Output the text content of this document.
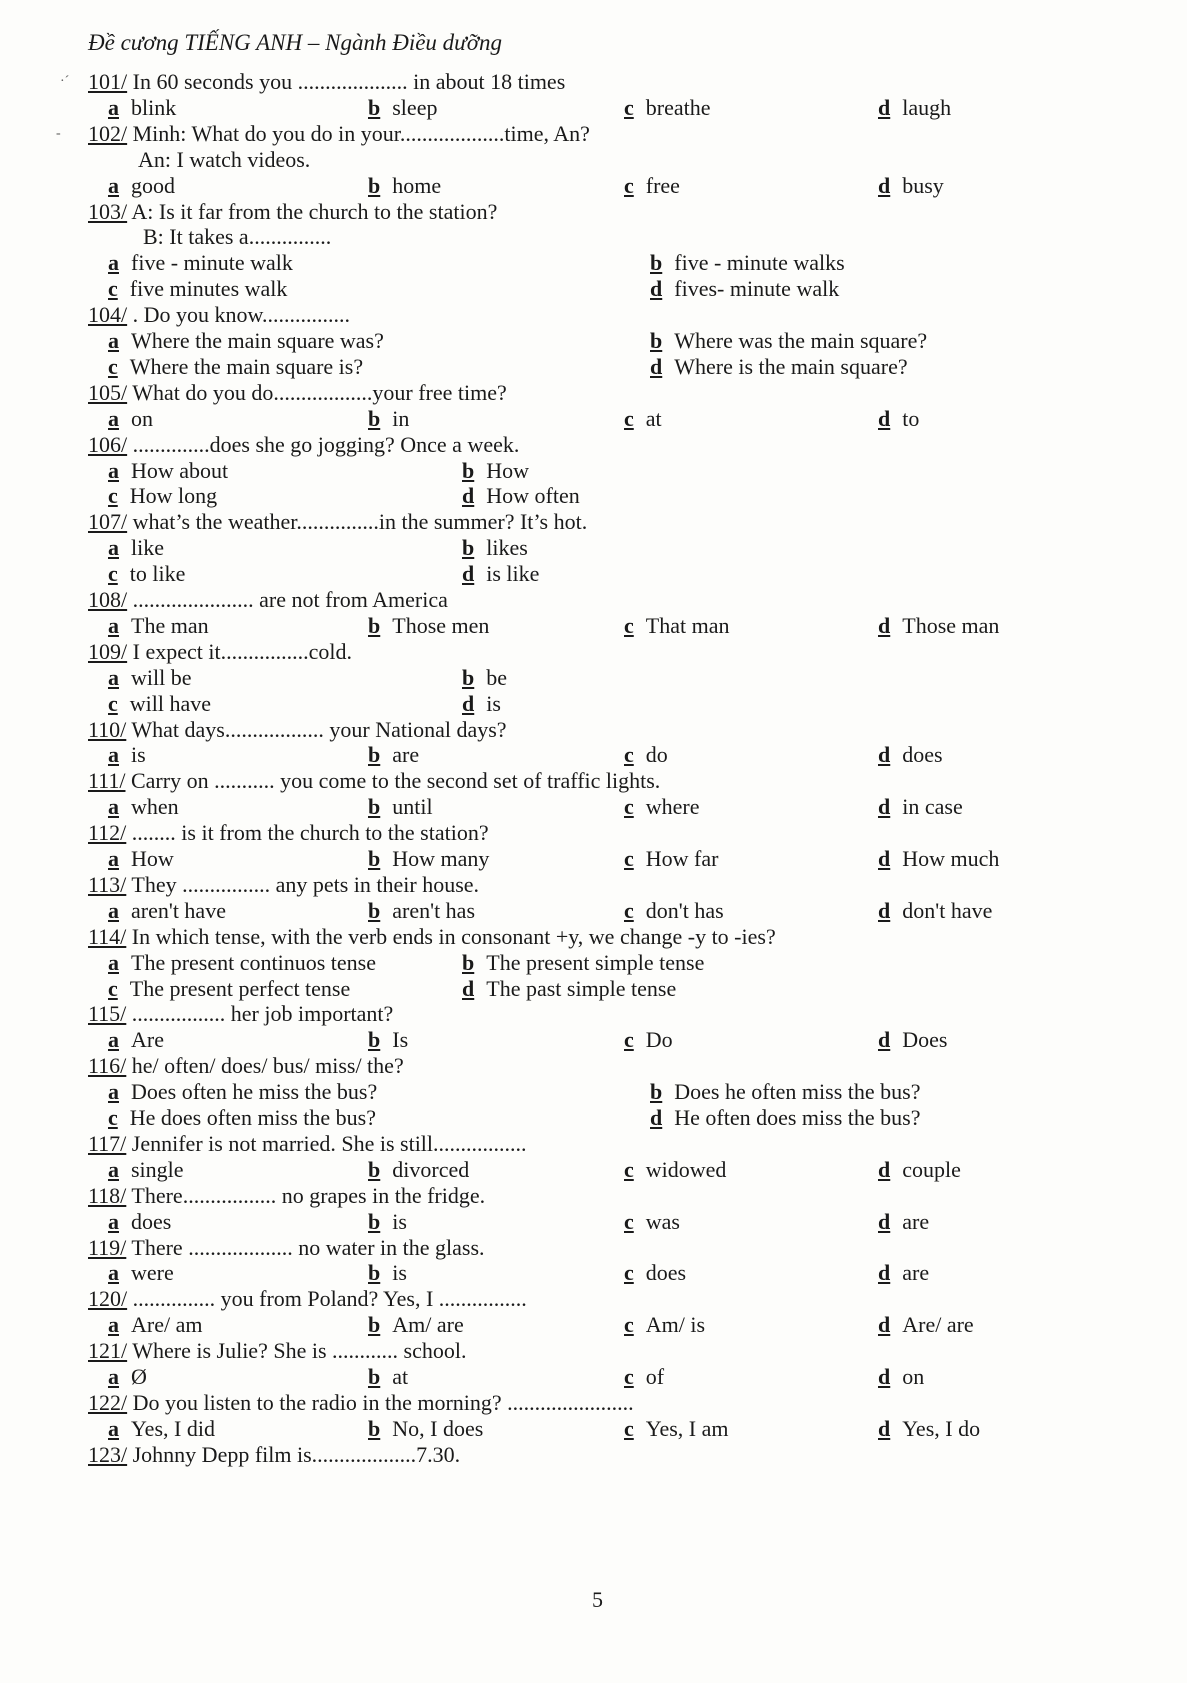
Đề cương TIẾNG ANH – Ngành Điều dưỡng
·´
-
101/ In 60 seconds you .................... in about 18 times
a blink	b sleep	c breathe	d laugh
102/ Minh: What do you do in your...................time, An?
An: I watch videos.
a good	b home	c free	d busy
103/ A: Is it far from the church to the station?
B: It takes a...............
a five - minute walk	b five - minute walks
c five minutes walk	d fives- minute walk
104/ . Do you know................
a Where the main square was?	b Where was the main square?
c Where the main square is?	d Where is the main square?
105/ What do you do..................your free time?
a on	b in	c at	d to
106/ ..............does she go jogging? Once a week.
a How about	b How
c How long	d How often
107/ what’s the weather...............in the summer? It’s hot.
a like	b likes
c to like	d is like
108/ ...................... are not from America
a The man	b Those men	c That man	d Those man
109/ I expect it................cold.
a will be	b be
c will have	d is
110/ What days.................. your National days?
a is	b are	c do	d does
111/ Carry on ........... you come to the second set of traffic lights.
a when	b until	c where	d in case
112/ ........ is it from the church to the station?
a How	b How many	c How far	d How much
113/ They ................ any pets in their house.
a aren't have	b aren't has	c don't has	d don't have
114/ In which tense, with the verb ends in consonant +y, we change -y to -ies?
a The present continuos tense	b The present simple tense
c The present perfect tense	d The past simple tense
115/ ................. her job important?
a Are	b Is	c Do	d Does
116/ he/ often/ does/ bus/ miss/ the?
a Does often he miss the bus?	b Does he often miss the bus?
c He does often miss the bus?	d He often does miss the bus?
117/ Jennifer is not married. She is still.................
a single	b divorced	c widowed	d couple
118/ There................. no grapes in the fridge.
a does	b is	c was	d are
119/ There ................... no water in the glass.
a were	b is	c does	d are
120/ ............... you from Poland? Yes, I ................
a Are/ am	b Am/ are	c Am/ is	d Are/ are
121/ Where is Julie? She is ............ school.
a Ø	b at	c of	d on
122/ Do you listen to the radio in the morning? .......................
a Yes, I did	b No, I does	c Yes, I am	d Yes, I do
123/ Johnny Depp film is...................7.30.
5
